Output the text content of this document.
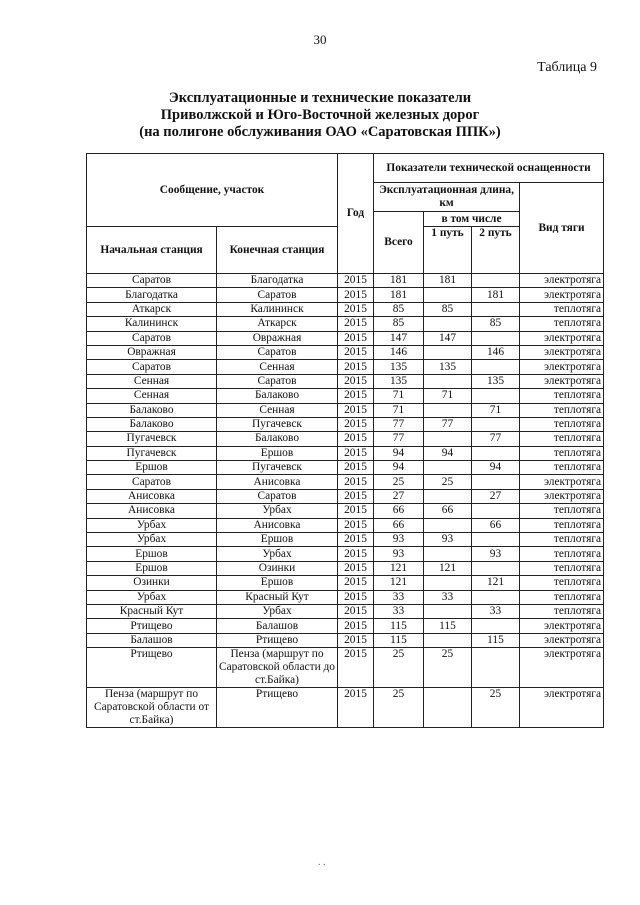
30
Таблица 9
Эксплуатационные и технические показатели
Приволжской и Юго-Восточной железных дорог
(на полигоне обслуживания ОАО «Саратовская ППК»)
Сообщение, участок		Год	Показатели технической оснащенности			
			Эксплуатационная длина, км			Вид тяги
			Всего	в том числе		
Начальная станция	Конечная станция			1 путь	2 путь	
Саратов	Благодатка	2015	181	181		электротяга
Благодатка	Саратов	2015	181		181	электротяга
Аткарск	Калининск	2015	85	85		теплотяга
Калининск	Аткарск	2015	85		85	теплотяга
Саратов	Овражная	2015	147	147		электротяга
Овражная	Саратов	2015	146		146	электротяга
Саратов	Сенная	2015	135	135		электротяга
Сенная	Саратов	2015	135		135	электротяга
Сенная	Балаково	2015	71	71		теплотяга
Балаково	Сенная	2015	71		71	теплотяга
Балаково	Пугачевск	2015	77	77		теплотяга
Пугачевск	Балаково	2015	77		77	теплотяга
Пугачевск	Ершов	2015	94	94		теплотяга
Ершов	Пугачевск	2015	94		94	теплотяга
Саратов	Анисовка	2015	25	25		электротяга
Анисовка	Саратов	2015	27		27	электротяга
Анисовка	Урбах	2015	66	66		теплотяга
Урбах	Анисовка	2015	66		66	теплотяга
Урбах	Ершов	2015	93	93		теплотяга
Ершов	Урбах	2015	93		93	теплотяга
Ершов	Озинки	2015	121	121		теплотяга
Озинки	Ершов	2015	121		121	теплотяга
Урбах	Красный Кут	2015	33	33		теплотяга
Красный Кут	Урбах	2015	33		33	теплотяга
Ртищево	Балашов	2015	115	115		электротяга
Балашов	Ртищево	2015	115		115	электротяга
Ртищево	Пенза (маршрут по Саратовской области до ст.Байка)	2015	25	25		электротяга
Пенза (маршрут по Саратовской области от ст.Байка)	Ртищево	2015	25		25	электротяга
. .
